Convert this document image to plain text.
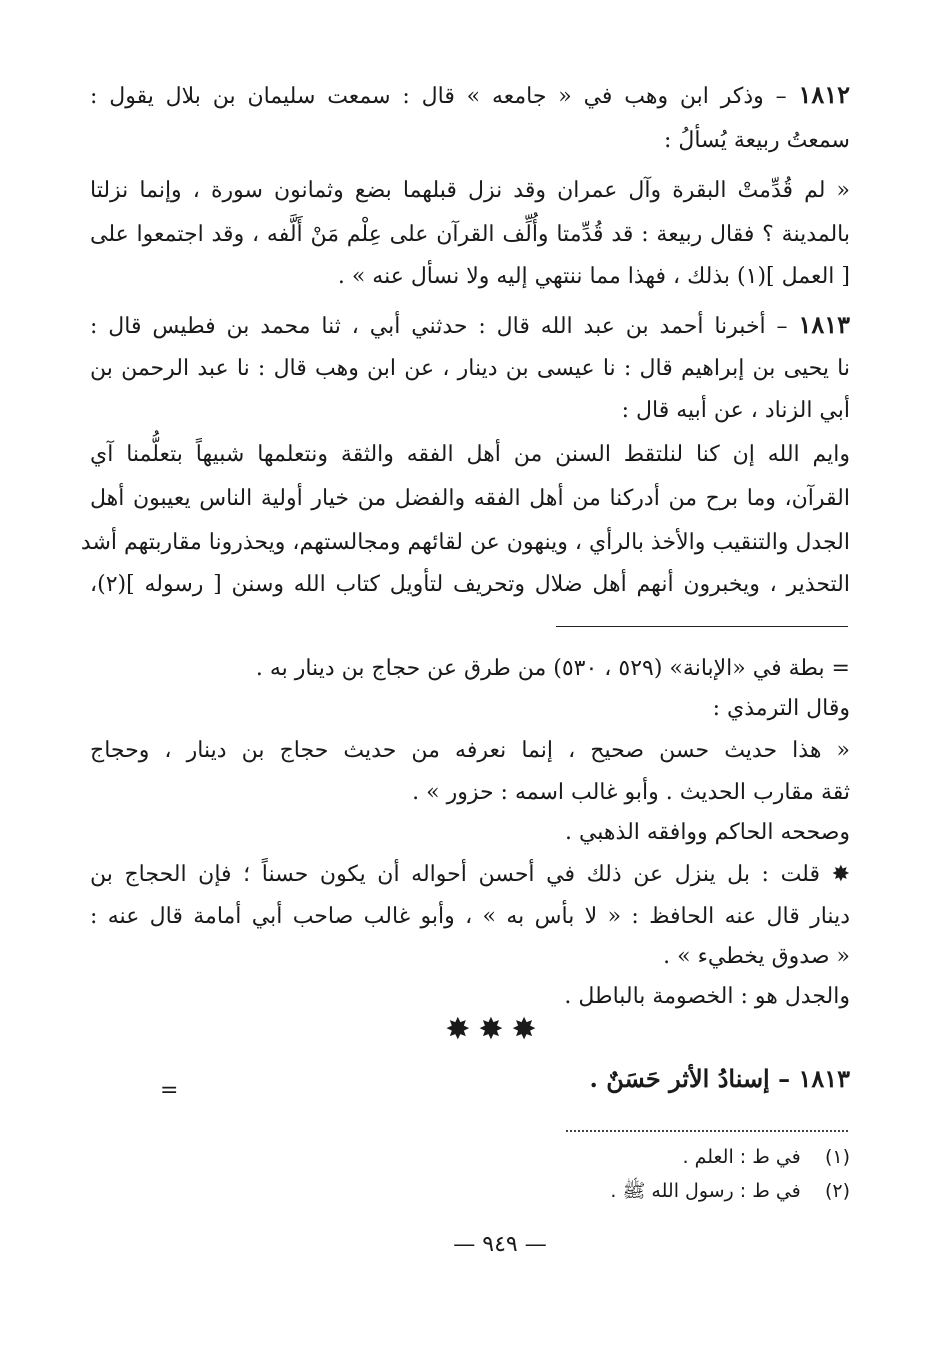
١٨١٢ – وذكر ابن وهب في « جامعه » قال : سمعت سليمان بن بلال يقول :
سمعتُ ربيعة يُسألُ :
« لم قُدِّمتْ البقرة وآل عمران وقد نزل قبلهما بضع وثمانون سورة ، وإنما نزلتا
بالمدينة ؟ فقال ربيعة : قد قُدِّمتا وأُلِّف القرآن على عِلْم مَنْ أَلَّفه ، وقد اجتمعوا على
[ العمل ](١) بذلك ، فهذا مما ننتهي إليه ولا نسأل عنه » .
١٨١٣ – أخبرنا أحمد بن عبد الله قال : حدثني أبي ، ثنا محمد بن فطيس قال :
نا يحيى بن إبراهيم قال : نا عيسى بن دينار ، عن ابن وهب قال : نا عبد الرحمن بن
أبي الزناد ، عن أبيه قال :
وايم الله إن كنا لنلتقط السنن من أهل الفقه والثقة ونتعلمها شبيهاً بتعلُّمنا آي
القرآن، وما برح من أدركنا من أهل الفقه والفضل من خيار أولية الناس يعيبون أهل
الجدل والتنقيب والأخذ بالرأي ، وينهون عن لقائهم ومجالستهم، ويحذرونا مقاربتهم أشد
التحذير ، ويخبرون أنهم أهل ضلال وتحريف لتأويل كتاب الله وسنن [ رسوله ](٢)،
= بطة في «الإبانة» (٥٢٩ ، ٥٣٠) من طرق عن حجاج بن دينار به .
وقال الترمذي :
« هذا حديث حسن صحيح ، إنما نعرفه من حديث حجاج بن دينار ، وحجاج
ثقة مقارب الحديث . وأبو غالب اسمه : حزور » .
وصححه الحاكم ووافقه الذهبي .
✸ قلت : بل ينزل عن ذلك في أحسن أحواله أن يكون حسناً ؛ فإن الحجاج بن
دينار قال عنه الحافظ : « لا بأس به » ، وأبو غالب صاحب أبي أمامة قال عنه :
« صدوق يخطيء » .
والجدل هو : الخصومة بالباطل .
✸✸✸
١٨١٣ – إسنادُ الأثر حَسَنٌ .
=
(١)    في ط : العلم .
(٢)    في ط : رسول الله ﷺ .
— ٩٤٩ —
